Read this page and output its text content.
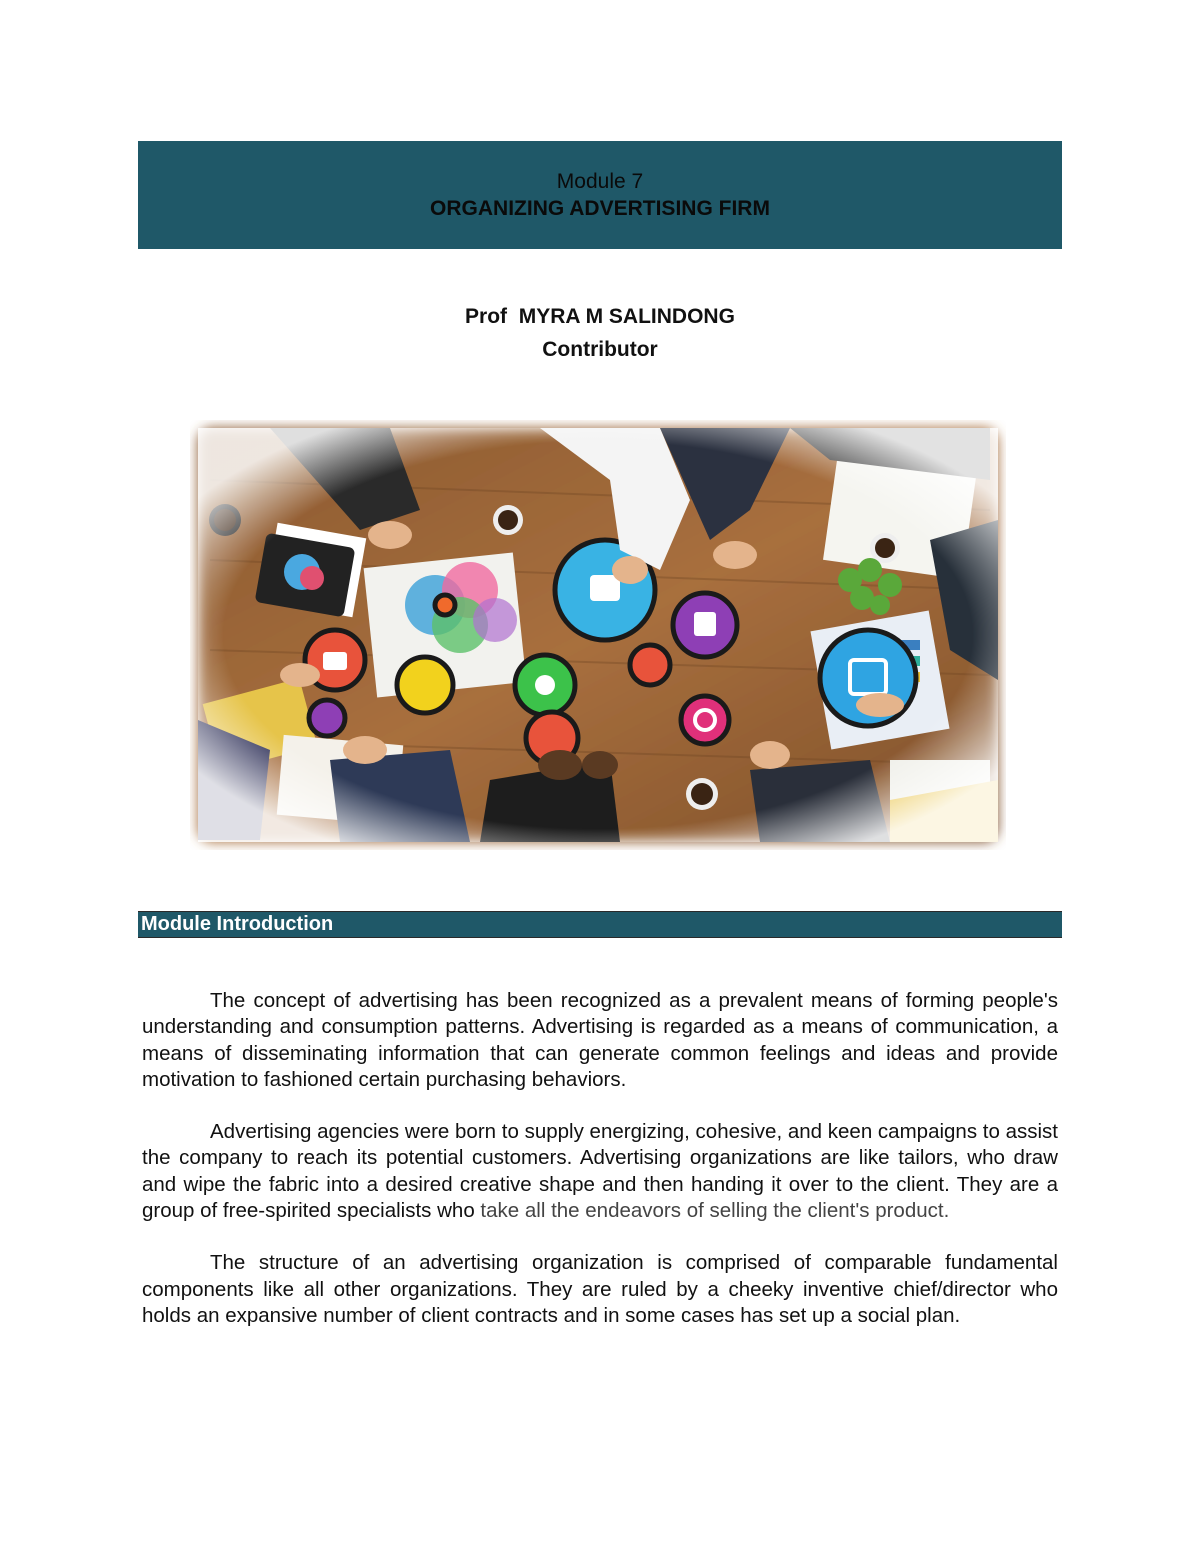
Module 7
ORGANIZING ADVERTISING FIRM
Prof  MYRA M SALINDONG
Contributor
Module Introduction

The concept of advertising has been recognized as a prevalent means of forming people's understanding and consumption patterns. Advertising is regarded as a means of communication, a means of disseminating information that can generate common feelings and ideas and provide motivation to fashioned certain purchasing behaviors.

Advertising agencies were born to supply energizing, cohesive, and keen campaigns to assist the company to reach its potential customers. Advertising organizations are like tailors, who draw and wipe the fabric into a desired creative shape and then handing it over to the client. They are a group of free-spirited specialists who take all the endeavors of selling the client's product.

The structure of an advertising organization is comprised of comparable fundamental components like all other organizations. They are ruled by a cheeky inventive chief/director who holds an expansive number of client contracts and in some cases has set up a social plan.
